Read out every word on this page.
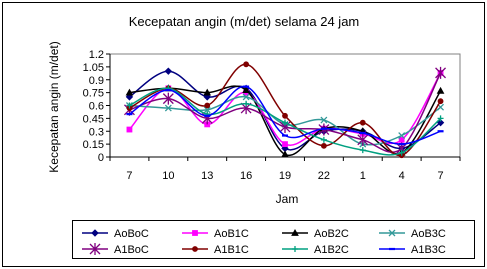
Kecepatan angin (m/det) selama 24 jam
Kecepatan angin (m/det)
Jam
0
0.15
0.3
0.45
0.6
0.75
0.9
1.05
1.2
7	10 13 16 19 22	1	4	7
AoBoC	AoB1C	AoB2C	AoB3C
A1BoC	A1B1C	A1B2C	A1B3C
